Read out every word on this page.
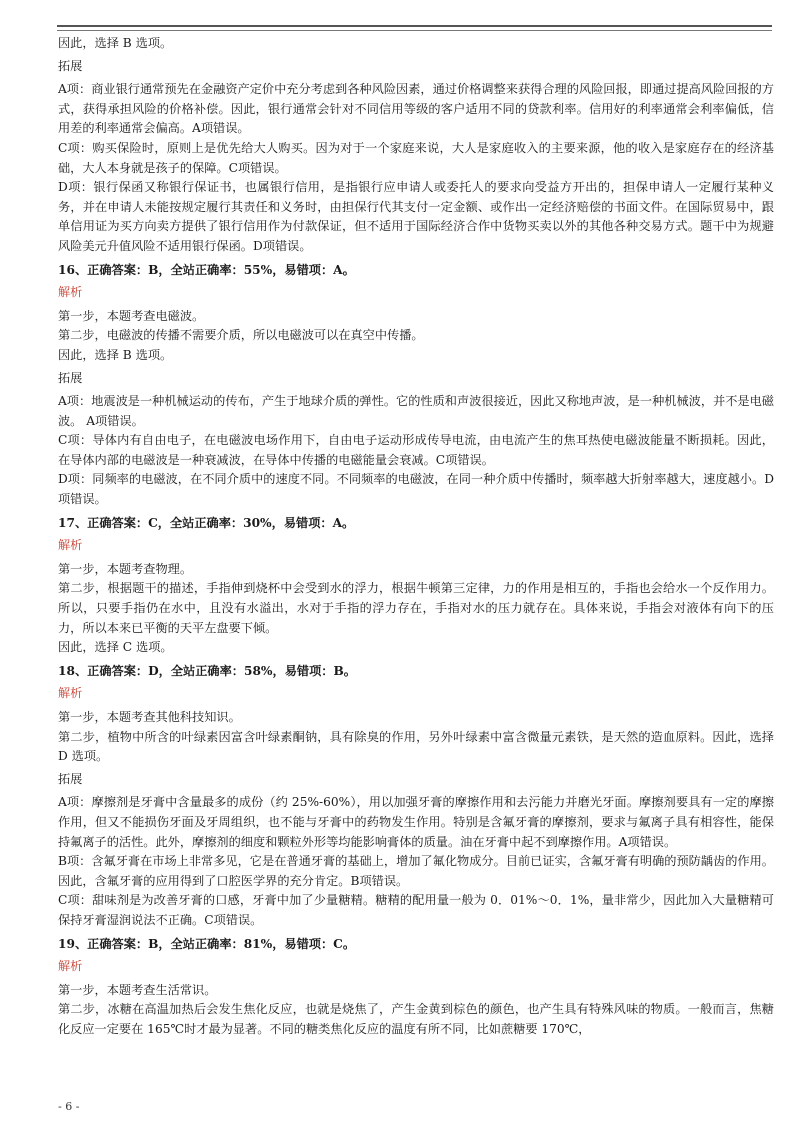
因此，选择 B 选项。

拓展

A项：商业银行通常预先在金融资产定价中充分考虑到各种风险因素，通过价格调整来获得合理的风险回报，即通过提高风险回报的方式，获得承担风险的价格补偿。因此，银行通常会针对不同信用等级的客户适用不同的贷款利率。信用好的利率通常会利率偏低，信用差的利率通常会偏高。A项错误。

C项：购买保险时，原则上是优先给大人购买。因为对于一个家庭来说，大人是家庭收入的主要来源，他的收入是家庭存在的经济基础，大人本身就是孩子的保障。C项错误。

D项：银行保函又称银行保证书，也属银行信用，是指银行应申请人或委托人的要求向受益方开出的，担保申请人一定履行某种义务，并在申请人未能按规定履行其责任和义务时，由担保行代其支付一定金额、或作出一定经济赔偿的书面文件。在国际贸易中，跟单信用证为买方向卖方提供了银行信用作为付款保证，但不适用于国际经济合作中货物买卖以外的其他各种交易方式。题干中为规避风险美元升值风险不适用银行保函。D项错误。

16、正确答案：B，全站正确率：55%，易错项：A。

解析

第一步，本题考查电磁波。

第二步，电磁波的传播不需要介质，所以电磁波可以在真空中传播。

因此，选择 B 选项。

拓展

A项：地震波是一种机械运动的传布，产生于地球介质的弹性。它的性质和声波很接近，因此又称地声波，是一种机械波，并不是电磁波。 A项错误。

C项：导体内有自由电子，在电磁波电场作用下，自由电子运动形成传导电流，由电流产生的焦耳热使电磁波能量不断损耗。因此，在导体内部的电磁波是一种衰减波，在导体中传播的电磁能量会衰减。C项错误。

D项：同频率的电磁波，在不同介质中的速度不同。不同频率的电磁波，在同一种介质中传播时，频率越大折射率越大，速度越小。D项错误。

17、正确答案：C，全站正确率：30%，易错项：A。

解析

第一步，本题考查物理。

第二步，根据题干的描述，手指伸到烧杯中会受到水的浮力，根据牛顿第三定律，力的作用是相互的，手指也会给水一个反作用力。所以，只要手指仍在水中，且没有水溢出，水对于手指的浮力存在，手指对水的压力就存在。具体来说，手指会对液体有向下的压力，所以本来已平衡的天平左盘要下倾。

因此，选择 C 选项。

18、正确答案：D，全站正确率：58%，易错项：B。

解析

第一步，本题考查其他科技知识。

第二步，植物中所含的叶绿素因富含叶绿素酮钠，具有除臭的作用，另外叶绿素中富含微量元素铁，是天然的造血原料。因此，选择 D 选项。

拓展

A项：摩擦剂是牙膏中含量最多的成份（约 25%-60%），用以加强牙膏的摩擦作用和去污能力并磨光牙面。摩擦剂要具有一定的摩擦作用，但又不能损伤牙面及牙周组织，也不能与牙膏中的药物发生作用。特别是含氟牙膏的摩擦剂，要求与氟离子具有相容性，能保持氟离子的活性。此外，摩擦剂的细度和颗粒外形等均能影响膏体的质量。油在牙膏中起不到摩擦作用。A项错误。

B项：含氟牙膏在市场上非常多见，它是在普通牙膏的基础上，增加了氟化物成分。目前已证实，含氟牙膏有明确的预防龋齿的作用。因此，含氟牙膏的应用得到了口腔医学界的充分肯定。B项错误。

C项：甜味剂是为改善牙膏的口感，牙膏中加了少量糖精。糖精的配用量一般为 0．01%～0．1%，量非常少，因此加入大量糖精可保持牙膏湿润说法不正确。C项错误。

19、正确答案：B，全站正确率：81%，易错项：C。

解析

第一步，本题考查生活常识。

第二步，冰糖在高温加热后会发生焦化反应，也就是烧焦了，产生金黄到棕色的颜色，也产生具有特殊风味的物质。一般而言，焦糖化反应一定要在 165℃时才最为显著。不同的糖类焦化反应的温度有所不同，比如蔗糖要 170℃，

- 6 -
